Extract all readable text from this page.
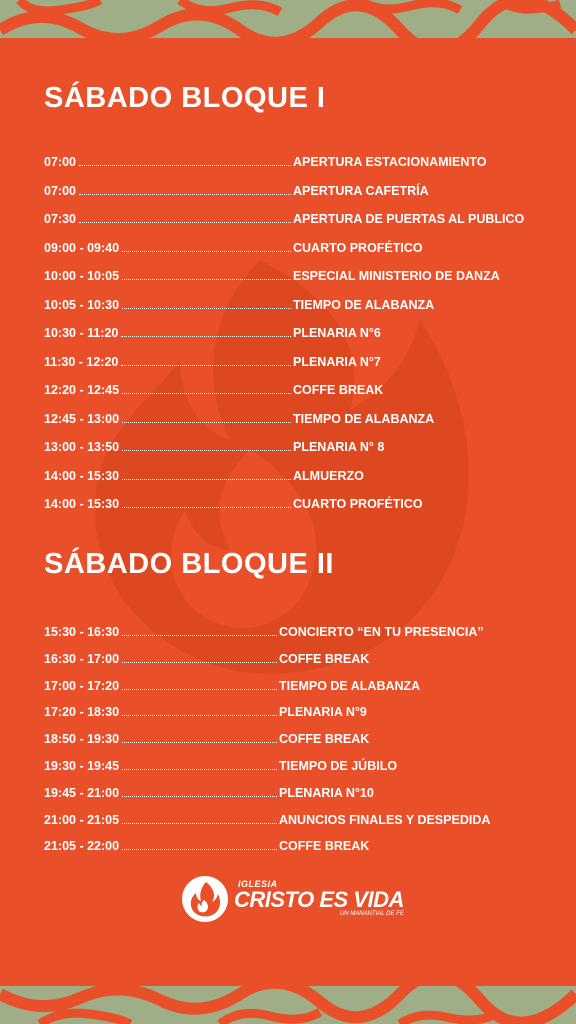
SÁBADO BLOQUE I
07:00	APERTURA ESTACIONAMIENTO
07:00	APERTURA CAFETRÍA
07:30	APERTURA DE PUERTAS AL PUBLICO
09:00 - 09:40	CUARTO PROFÉTICO
10:00 - 10:05	ESPECIAL MINISTERIO DE DANZA
10:05 - 10:30	TIEMPO DE ALABANZA
10:30 - 11:20	PLENARIA N°6
11:30 - 12:20	PLENARIA N°7
12:20 - 12:45	COFFE BREAK
12:45 - 13:00	TIEMPO DE ALABANZA
13:00 - 13:50	PLENARIA N° 8
14:00 - 15:30	ALMUERZO
14:00 - 15:30	CUARTO PROFÉTICO
SÁBADO BLOQUE II
15:30 - 16:30	CONCIERTO “EN TU PRESENCIA”
16:30 - 17:00	COFFE BREAK
17:00 - 17:20	TIEMPO DE ALABANZA
17:20 - 18:30	PLENARIA N°9
18:50 - 19:30	COFFE BREAK
19:30 - 19:45	TIEMPO DE JÚBILO
19:45 - 21:00	PLENARIA N°10
21:00 - 21:05	ANUNCIOS FINALES Y DESPEDIDA
21:05 - 22:00	COFFE BREAK
IGLESIA
CRISTO ES VIDA
UN MANANTIAL DE FE
